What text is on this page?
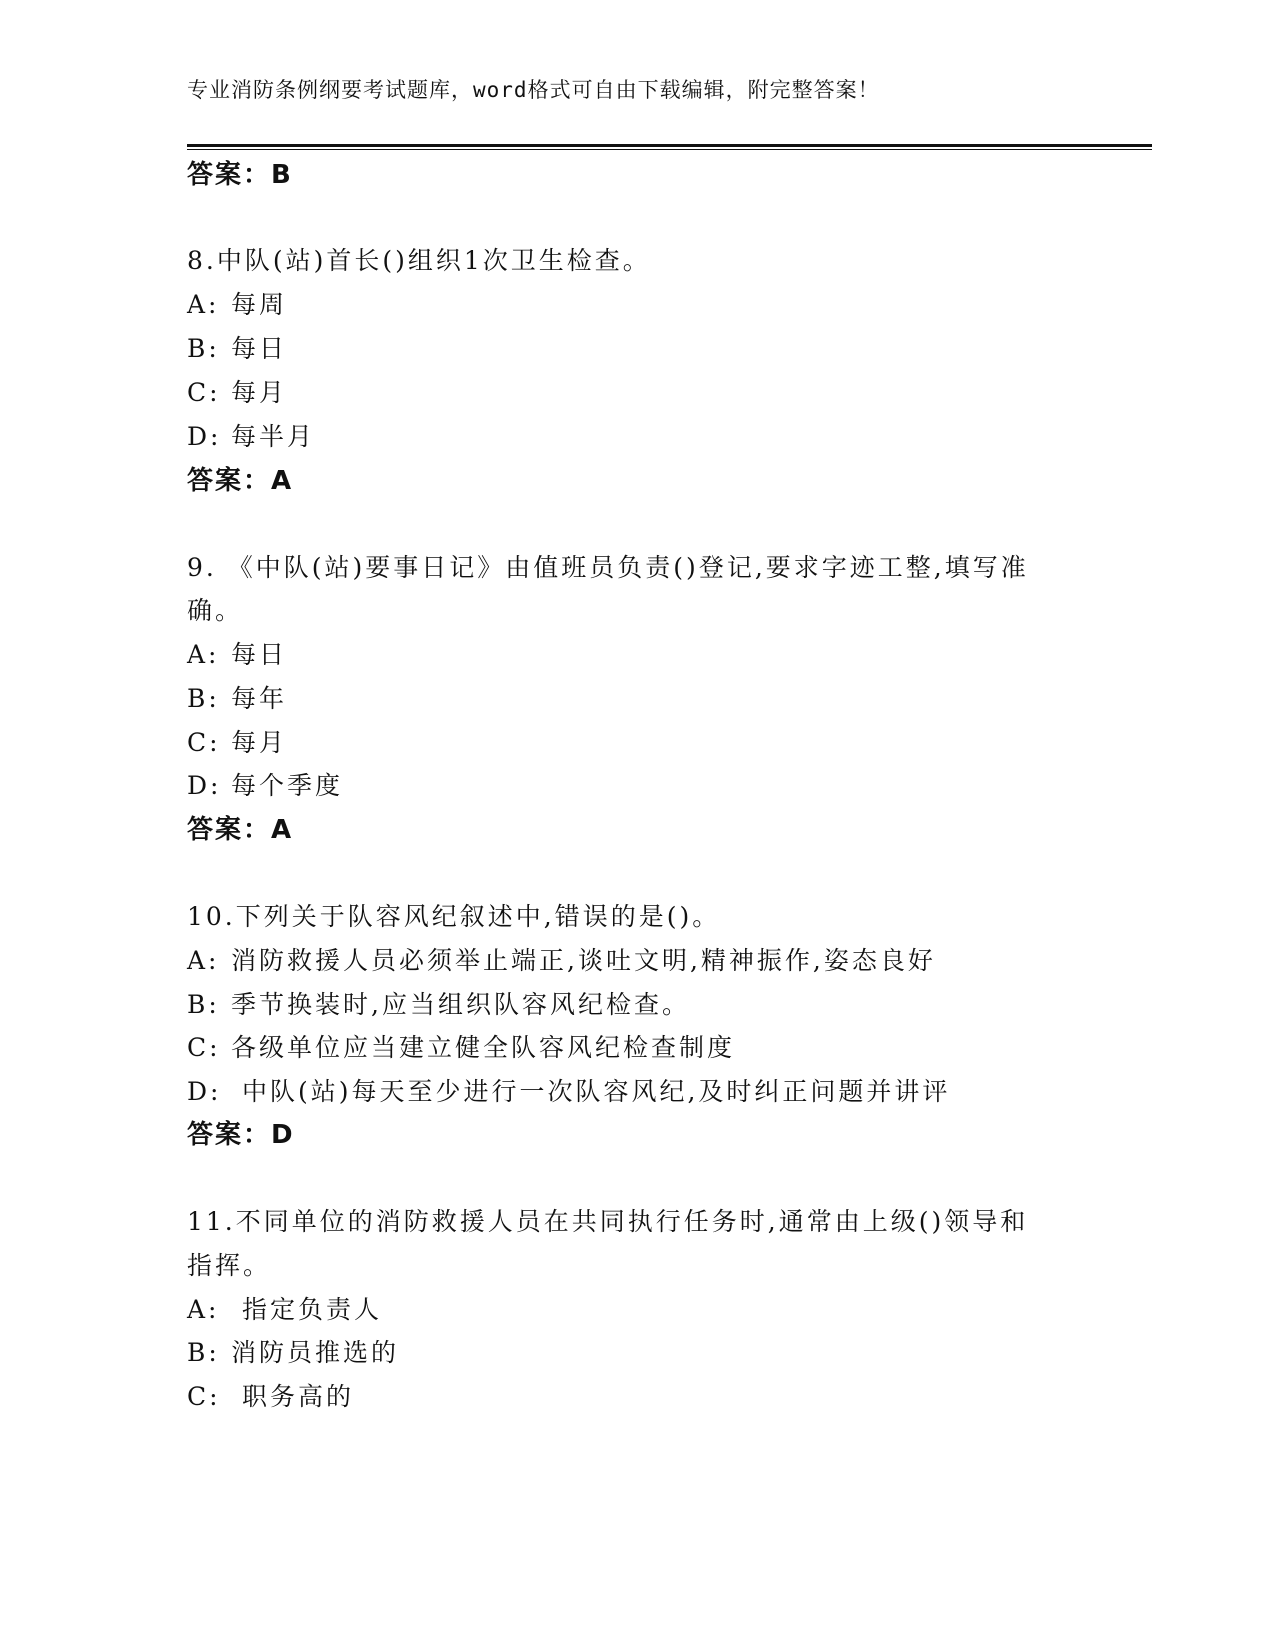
专业消防条例纲要考试题库，word格式可自由下载编辑，附完整答案！
答案：B
8.中队(站)首长()组织1次卫生检查。
A: 每周
B: 每日
C: 每月
D: 每半月
答案：A
9. 《中队(站)要事日记》由值班员负责()登记,要求字迹工整,填写准
确。
A: 每日
B: 每年
C: 每月
D: 每个季度
答案：A
10.下列关于队容风纪叙述中,错误的是()。
A: 消防救援人员必须举止端正,谈吐文明,精神振作,姿态良好
B: 季节换装时,应当组织队容风纪检查。
C: 各级单位应当建立健全队容风纪检查制度
D: 中队(站)每天至少进行一次队容风纪,及时纠正问题并讲评
答案：D
11.不同单位的消防救援人员在共同执行任务时,通常由上级()领导和
指挥。
A: 指定负责人
B: 消防员推选的
C: 职务高的
